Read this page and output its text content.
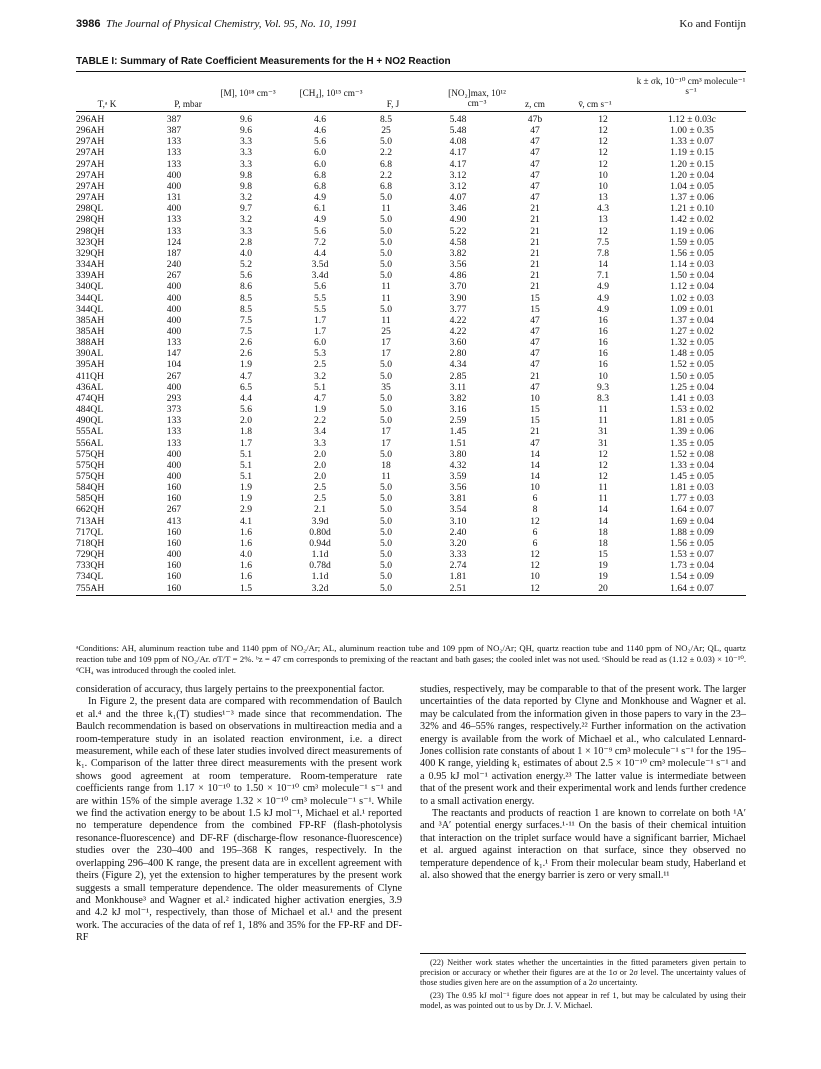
3986 The Journal of Physical Chemistry, Vol. 95, No. 10, 1991	Ko and Fontijn
TABLE I: Summary of Rate Coefficient Measurements for the H + NO2 Reaction
T,ᵃ K	P, mbar
[M], 10¹⁸ cm⁻³	[CH₄], 10¹⁵ cm⁻³
F, J
[NO₂]max, 10¹² cm⁻³	z, cm	v̄, cm s⁻¹
k ± σk, 10⁻¹⁰ cm³ molecule⁻¹ s⁻¹
296AH	387	9.6	4.6	8.5	5.48	47b	12	1.12 ± 0.03c
296AH	387	9.6	4.6	25	5.48	47	12	1.00 ± 0.35
297AH	133	3.3	5.6	5.0	4.08	47	12	1.33 ± 0.07
297AH	133	3.3	6.0	2.2	4.17	47	12	1.19 ± 0.15
297AH	133	3.3	6.0	6.8	4.17	47	12	1.20 ± 0.15
297AH	400	9.8	6.8	2.2	3.12	47	10	1.20 ± 0.04
297AH	400	9.8	6.8	6.8	3.12	47	10	1.04 ± 0.05
297AH	131	3.2	4.9	5.0	4.07	47	13	1.37 ± 0.06
298QL	400	9.7	6.1	11	3.46	21	4.3	1.21 ± 0.10
298QH	133	3.2	4.9	5.0	4.90	21	13	1.42 ± 0.02
298QH	133	3.3	5.6	5.0	5.22	21	12	1.19 ± 0.06
323QH	124	2.8	7.2	5.0	4.58	21	7.5	1.59 ± 0.05
329QH	187	4.0	4.4	5.0	3.82	21	7.8	1.56 ± 0.05
334AH	240	5.2	3.5d	5.0	3.56	21	14	1.14 ± 0.03
339AH	267	5.6	3.4d	5.0	4.86	21	7.1	1.50 ± 0.04
340QL	400	8.6	5.6	11	3.70	21	4.9	1.12 ± 0.04
344QL	400	8.5	5.5	11	3.90	15	4.9	1.02 ± 0.03
344QL	400	8.5	5.5	5.0	3.77	15	4.9	1.09 ± 0.01
385AH	400	7.5	1.7	11	4.22	47	16	1.37 ± 0.04
385AH	400	7.5	1.7	25	4.22	47	16	1.27 ± 0.02
388AH	133	2.6	6.0	17	3.60	47	16	1.32 ± 0.05
390AL	147	2.6	5.3	17	2.80	47	16	1.48 ± 0.05
395AH	104	1.9	2.5	5.0	4.34	47	16	1.52 ± 0.05
411QH	267	4.7	3.2	5.0	2.85	21	10	1.50 ± 0.05
436AL	400	6.5	5.1	35	3.11	47	9.3	1.25 ± 0.04
474QH	293	4.4	4.7	5.0	3.82	10	8.3	1.41 ± 0.03
484QL	373	5.6	1.9	5.0	3.16	15	11	1.53 ± 0.02
490QL	133	2.0	2.2	5.0	2.59	15	11	1.81 ± 0.05
555AL	133	1.8	3.4	17	1.45	21	31	1.39 ± 0.06
556AL	133	1.7	3.3	17	1.51	47	31	1.35 ± 0.05
575QH	400	5.1	2.0	5.0	3.80	14	12	1.52 ± 0.08
575QH	400	5.1	2.0	18	4.32	14	12	1.33 ± 0.04
575QH	400	5.1	2.0	11	3.59	14	12	1.45 ± 0.05
584QH	160	1.9	2.5	5.0	3.56	10	11	1.81 ± 0.03
585QH	160	1.9	2.5	5.0	3.81	6	11	1.77 ± 0.03
662QH	267	2.9	2.1	5.0	3.54	8	14	1.64 ± 0.07
713AH	413	4.1	3.9d	5.0	3.10	12	14	1.69 ± 0.04
717QL	160	1.6	0.80d	5.0	2.40	6	18	1.88 ± 0.09
718QH	160	1.6	0.94d	5.0	3.20	6	18	1.56 ± 0.05
729QH	400	4.0	1.1d	5.0	3.33	12	15	1.53 ± 0.07
733QH	160	1.6	0.78d	5.0	2.74	12	19	1.73 ± 0.04
734QL	160	1.6	1.1d	5.0	1.81	10	19	1.54 ± 0.09
755AH	160	1.5	3.2d	5.0	2.51	12	20	1.64 ± 0.07
ᵃConditions: AH, aluminum reaction tube and 1140 ppm of NO₂/Ar; AL, aluminum reaction tube and 109 ppm of NO₂/Ar; QH, quartz reaction tube and 1140 ppm of NO₂/Ar; QL, quartz reaction tube and 109 ppm of NO₂/Ar. σT/T = 2%. ᵇz = 47 cm corresponds to premixing of the reactant and bath gases; the cooled inlet was not used. ᶜShould be read as (1.12 ± 0.03) × 10⁻¹⁰. ᵈCH₄ was introduced through the cooled inlet.

consideration of accuracy, thus largely pertains to the preexponential factor.

In Figure 2, the present data are compared with recommendation of Baulch et al.⁴ and the three k₁(T) studies¹⁻³ made since that recommendation. The Baulch recommendation is based on observations in multireaction media and a room-temperature study in an isolated reaction environment, i.e. a direct measurement, while each of these later studies involved direct measurements of k₁. Comparison of the latter three direct measurements with the present work shows good agreement at room temperature. Room-temperature rate coefficients range from 1.17 × 10⁻¹⁰ to 1.50 × 10⁻¹⁰ cm³ molecule⁻¹ s⁻¹ and are within 15% of the simple average 1.32 × 10⁻¹⁰ cm³ molecule⁻¹ s⁻¹. While we find the activation energy to be about 1.5 kJ mol⁻¹, Michael et al.¹ reported no temperature dependence from the combined FP-RF (flash-photolysis resonance-fluorescence) and DF-RF (discharge-flow resonance-fluorescence) studies over the 230–400 and 195–368 K ranges, respectively. In the overlapping 296–400 K range, the present data are in excellent agreement with theirs (Figure 2), yet the extension to higher temperatures by the present work suggests a small temperature dependence. The older measurements of Clyne and Monkhouse³ and Wagner et al.² indicated higher activation energies, 3.9 and 4.2 kJ mol⁻¹, respectively, than those of Michael et al.¹ and the present work. The accuracies of the data of ref 1, 18% and 35% for the FP-RF and DF-RF

studies, respectively, may be comparable to that of the present work. The larger uncertainties of the data reported by Clyne and Monkhouse and Wagner et al. may be calculated from the information given in those papers to vary in the 23–32% and 46–55% ranges, respectively.²² Further information on the activation energy is available from the work of Michael et al., who calculated Lennard-Jones collision rate constants of about 1 × 10⁻⁹ cm³ molecule⁻¹ s⁻¹ for the 195–400 K range, yielding k₁ estimates of about 2.5 × 10⁻¹⁰ cm³ molecule⁻¹ s⁻¹ and a 0.95 kJ mol⁻¹ activation energy.²³ The latter value is intermediate between that of the present work and their experimental work and lends further credence to a small activation energy.

The reactants and products of reaction 1 are known to correlate on both ¹A′ and ³A′ potential energy surfaces.¹·¹¹ On the basis of their chemical intuition that interaction on the triplet surface would have a significant barrier, Michael et al. argued against interaction on that surface, since they observed no temperature dependence of k₁.¹ From their molecular beam study, Haberland et al. also showed that the energy barrier is zero or very small.¹¹

(22) Neither work states whether the uncertainties in the fitted parameters given pertain to precision or accuracy or whether their figures are at the 1σ or 2σ level. The uncertainty values of those studies given here are on the assumption of a 2σ uncertainty.

(23) The 0.95 kJ mol⁻¹ figure does not appear in ref 1, but may be calculated by using their model, as was pointed out to us by Dr. J. V. Michael.
